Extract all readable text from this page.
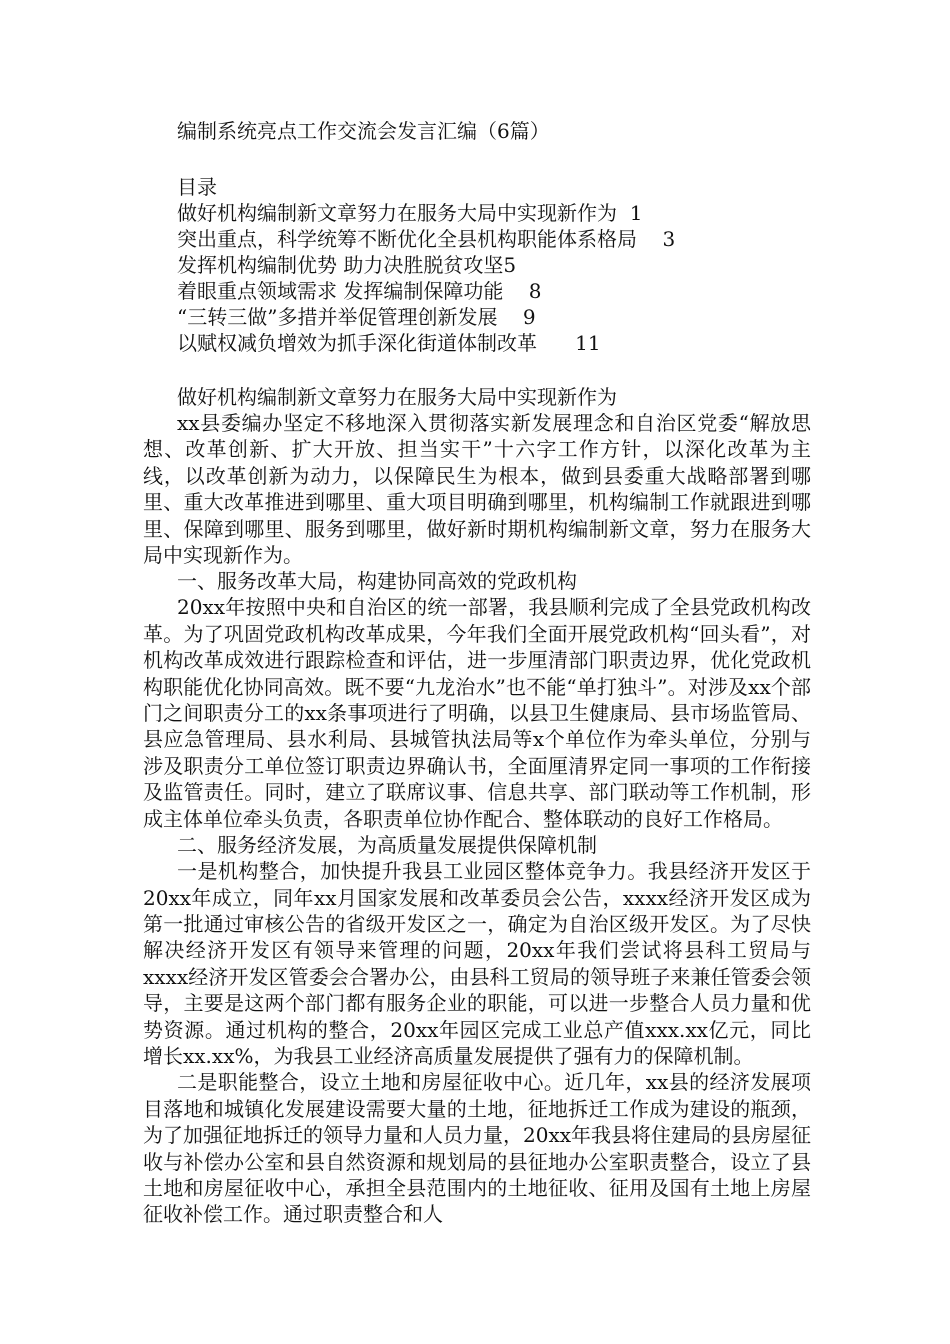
编制系统亮点工作交流会发言汇编（6篇）

目录

做好机构编制新文章努力在服务大局中实现新作为 1

突出重点，科学统筹不断优化全县机构职能体系格局 3

发挥机构编制优势 助力决胜脱贫攻坚5

着眼重点领域需求 发挥编制保障功能 8

“三转三做”多措并举促管理创新发展 9

以赋权减负增效为抓手深化街道体制改革 11

做好机构编制新文章努力在服务大局中实现新作为

xx县委编办坚定不移地深入贯彻落实新发展理念和自治区党委“解放思想、改革创新、扩大开放、担当实干”十六字工作方针，以深化改革为主线，以改革创新为动力，以保障民生为根本，做到县委重大战略部署到哪里、重大改革推进到哪里、重大项目明确到哪里，机构编制工作就跟进到哪里、保障到哪里、服务到哪里，做好新时期机构编制新文章，努力在服务大局中实现新作为。

一、服务改革大局，构建协同高效的党政机构

20xx年按照中央和自治区的统一部署，我县顺利完成了全县党政机构改革。为了巩固党政机构改革成果，今年我们全面开展党政机构“回头看”，对机构改革成效进行跟踪检查和评估，进一步厘清部门职责边界，优化党政机构职能优化协同高效。既不要“九龙治水”也不能“单打独斗”。对涉及xx个部门之间职责分工的xx条事项进行了明确，以县卫生健康局、县市场监管局、县应急管理局、县水利局、县城管执法局等x个单位作为牵头单位，分别与涉及职责分工单位签订职责边界确认书，全面厘清界定同一事项的工作衔接及监管责任。同时，建立了联席议事、信息共享、部门联动等工作机制，形成主体单位牵头负责，各职责单位协作配合、整体联动的良好工作格局。

二、服务经济发展，为高质量发展提供保障机制

一是机构整合，加快提升我县工业园区整体竞争力。我县经济开发区于20xx年成立，同年xx月国家发展和改革委员会公告，xxxx经济开发区成为第一批通过审核公告的省级开发区之一，确定为自治区级开发区。为了尽快解决经济开发区有领导来管理的问题，20xx年我们尝试将县科工贸局与xxxx经济开发区管委会合署办公，由县科工贸局的领导班子来兼任管委会领导，主要是这两个部门都有服务企业的职能，可以进一步整合人员力量和优势资源。通过机构的整合，20xx年园区完成工业总产值xxx.xx亿元，同比增长xx.xx%，为我县工业经济高质量发展提供了强有力的保障机制。

二是职能整合，设立土地和房屋征收中心。近几年，xx县的经济发展项目落地和城镇化发展建设需要大量的土地，征地拆迁工作成为建设的瓶颈，为了加强征地拆迁的领导力量和人员力量，20xx年我县将住建局的县房屋征收与补偿办公室和县自然资源和规划局的县征地办公室职责整合，设立了县土地和房屋征收中心，承担全县范围内的土地征收、征用及国有土地上房屋征收补偿工作。通过职责整合和人
